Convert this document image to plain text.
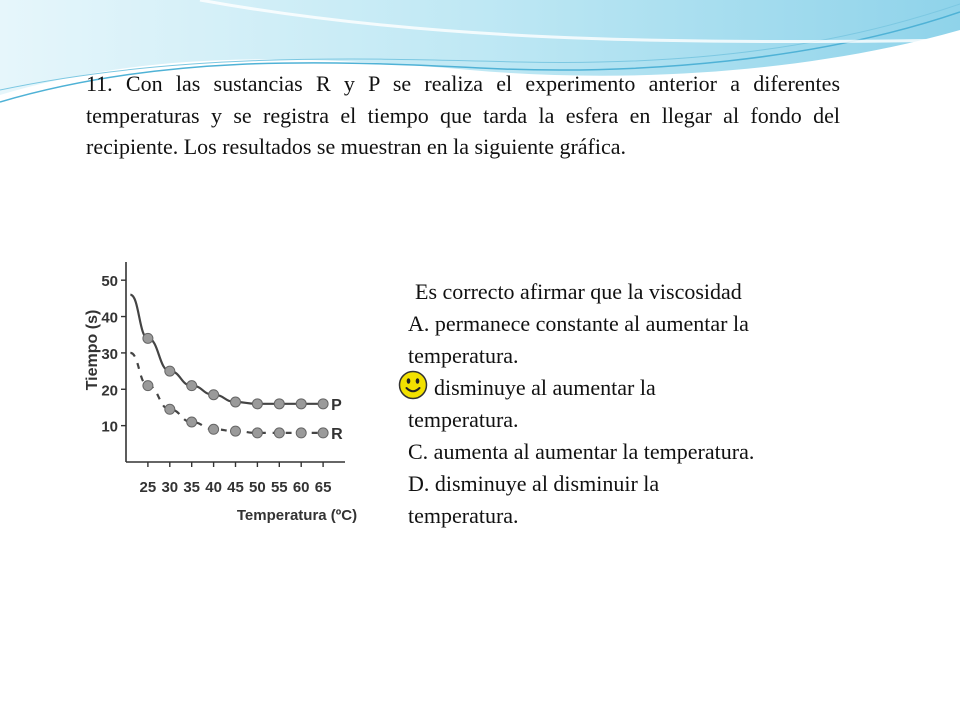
11. Con las sustancias R y P se realiza el experimento anterior a diferentes temperaturas y se registra el tiempo que tarda la esfera en llegar al fondo del recipiente. Los resultados se muestran en la siguiente gráfica.

10
20
30
40
50
25 30 35 40 45 50 55 60 65
Temperatura (ºC)
Tiempo (s)
P
R
Es correcto afirmar que la viscosidad
A. permanece constante al aumentar la
temperatura.
disminuye al aumentar la
temperatura.
C. aumenta al aumentar la temperatura.
D. disminuye al disminuir la
temperatura.
